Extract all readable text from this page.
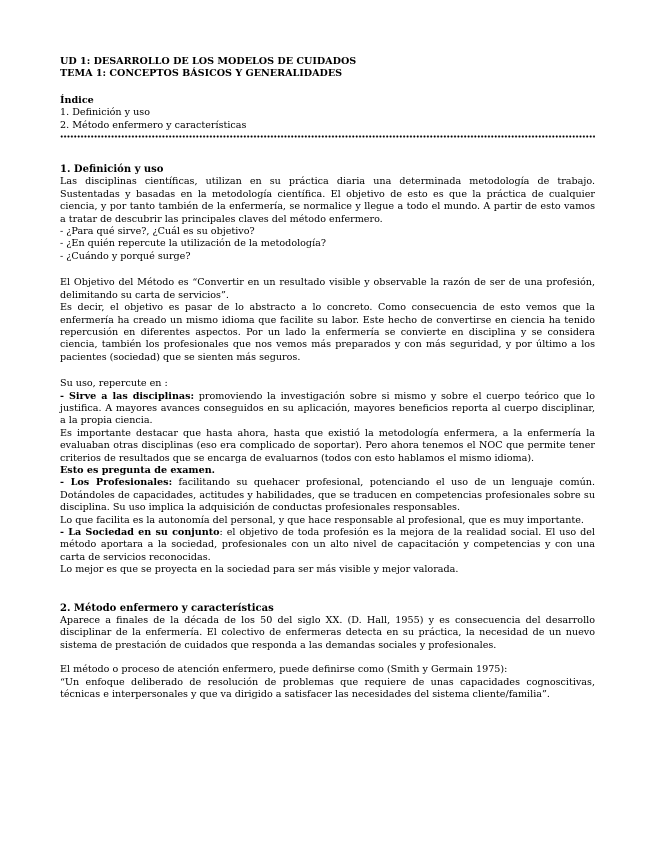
UD 1: DESARROLLO DE LOS MODELOS DE CUIDADOS

TEMA 1: CONCEPTOS BÁSICOS Y GENERALIDADES

Índice

1. Definición y uso

2. Método enfermero y características

1. Definición y uso

Las disciplinas científicas, utilizan en su práctica diaria una determinada metodología de trabajo. Sustentadas y basadas en la metodología científica. El objetivo de esto es que la práctica de cualquier ciencia, y por tanto también de la enfermería, se normalice y llegue a todo el mundo. A partir de esto vamos a tratar de descubrir las principales claves del método enfermero.

- ¿Para qué sirve?, ¿Cuál es su objetivo?

- ¿En quién repercute la utilización de la metodología?

- ¿Cuándo y porqué surge?

El Objetivo del Método es “Convertir en un resultado visible y observable la razón de ser de una profesión, delimitando su carta de servicios”.

Es decir, el objetivo es pasar de lo abstracto a lo concreto. Como consecuencia de esto vemos que la enfermería ha creado un mismo idioma que facilite su labor. Este hecho de convertirse en ciencia ha tenido repercusión en diferentes aspectos. Por un lado la enfermería se convierte en disciplina y se considera ciencia, también los profesionales que nos vemos más preparados y con más seguridad, y por último a los pacientes (sociedad) que se sienten más seguros.

Su uso, repercute en :

- Sirve a las disciplinas: promoviendo la investigación sobre si mismo y sobre el cuerpo teórico que lo justifica. A mayores avances conseguidos en su aplicación, mayores beneficios reporta al cuerpo disciplinar, a la propia ciencia.

Es importante destacar que hasta ahora, hasta que existió la metodología enfermera, a la enfermería la evaluaban otras disciplinas (eso era complicado de soportar). Pero ahora tenemos el NOC que permite tener criterios de resultados que se encarga de evaluarnos (todos con esto hablamos el mismo idioma).

Esto es pregunta de examen.

- Los Profesionales: facilitando su quehacer profesional, potenciando el uso de un lenguaje común. Dotándoles de capacidades, actitudes y habilidades, que se traducen en competencias profesionales sobre su disciplina. Su uso implica la adquisición de conductas profesionales responsables.

Lo que facilita es la autonomía del personal, y que hace responsable al profesional, que es muy importante.

- La Sociedad en su conjunto: el objetivo de toda profesión es la mejora de la realidad social. El uso del método aportara a la sociedad, profesionales con un alto nivel de capacitación y competencias y con una carta de servicios reconocidas.

Lo mejor es que se proyecta en la sociedad para ser más visible y mejor valorada.

2. Método enfermero y características

Aparece a finales de la década de los 50 del siglo XX. (D. Hall, 1955) y es consecuencia del desarrollo disciplinar de la enfermería. El colectivo de enfermeras detecta en su práctica, la necesidad de un nuevo sistema de prestación de cuidados que responda a las demandas sociales y profesionales.

El método o proceso de atención enfermero, puede definirse como (Smith y Germain 1975):

“Un enfoque deliberado de resolución de problemas que requiere de unas capacidades cognoscitivas, técnicas e interpersonales y que va dirigido a satisfacer las necesidades del sistema cliente/familia”.
